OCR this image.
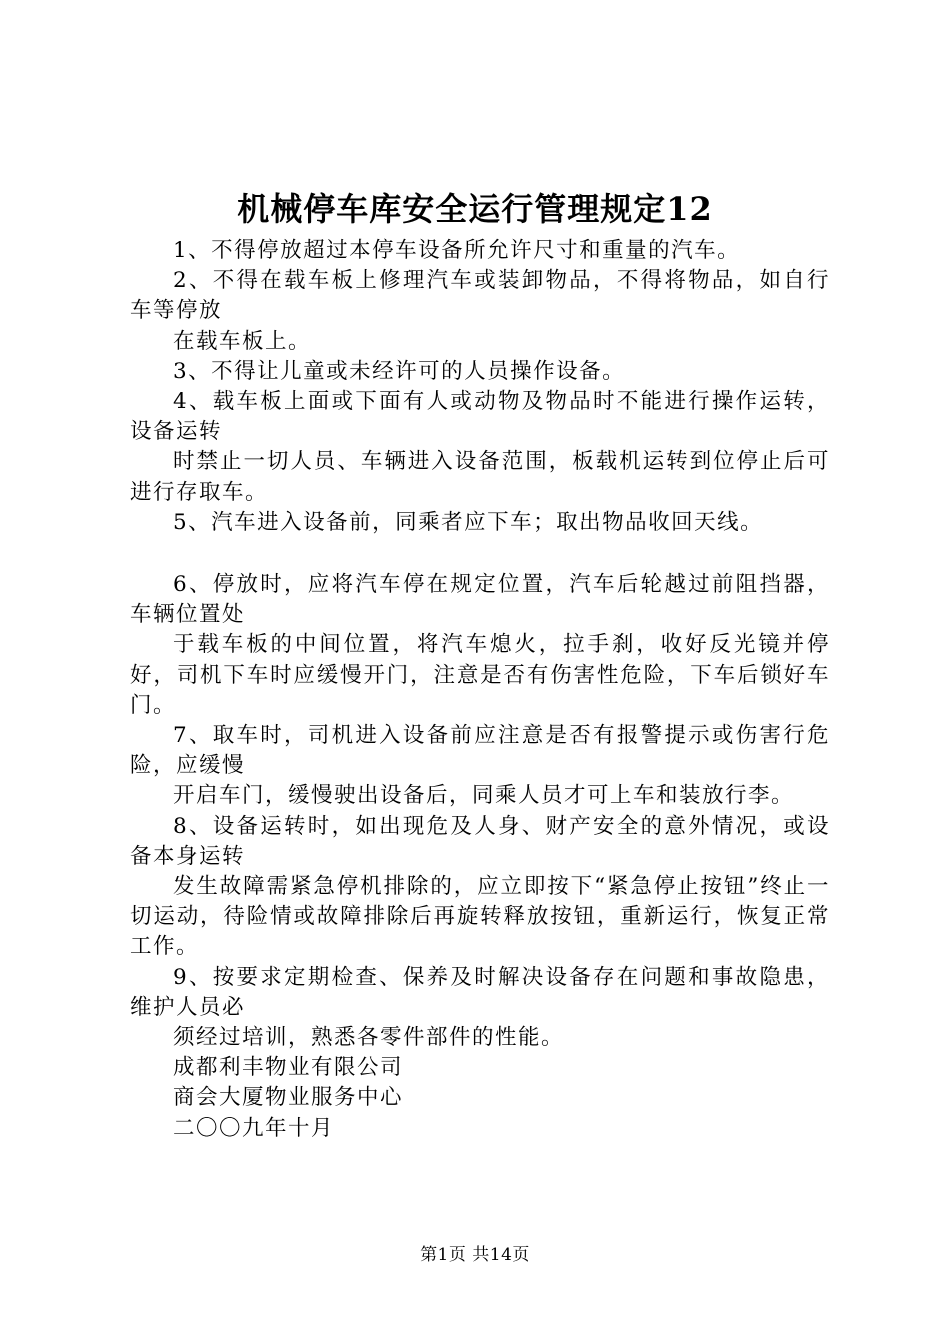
机械停车库安全运行管理规定12

1、不得停放超过本停车设备所允许尺寸和重量的汽车。

2、不得在载车板上修理汽车或装卸物品，不得将物品，如自行车等停放

在载车板上。

3、不得让儿童或未经许可的人员操作设备。

4、载车板上面或下面有人或动物及物品时不能进行操作运转，设备运转

时禁止一切人员、车辆进入设备范围，板载机运转到位停止后可进行存取车。

5、汽车进入设备前，同乘者应下车；取出物品收回天线。

6、停放时，应将汽车停在规定位置，汽车后轮越过前阻挡器，车辆位置处

于载车板的中间位置，将汽车熄火，拉手刹，收好反光镜并停好，司机下车时应缓慢开门，注意是否有伤害性危险，下车后锁好车门。

7、取车时，司机进入设备前应注意是否有报警提示或伤害行危险，应缓慢

开启车门，缓慢驶出设备后，同乘人员才可上车和装放行李。

8、设备运转时，如出现危及人身、财产安全的意外情况，或设备本身运转

发生故障需紧急停机排除的，应立即按下“紧急停止按钮”终止一切运动，待险情或故障排除后再旋转释放按钮，重新运行，恢复正常工作。

9、按要求定期检查、保养及时解决设备存在问题和事故隐患，维护人员必

须经过培训，熟悉各零件部件的性能。

成都利丰物业有限公司

商会大厦物业服务中心

二〇〇九年十月

第1页 共14页
